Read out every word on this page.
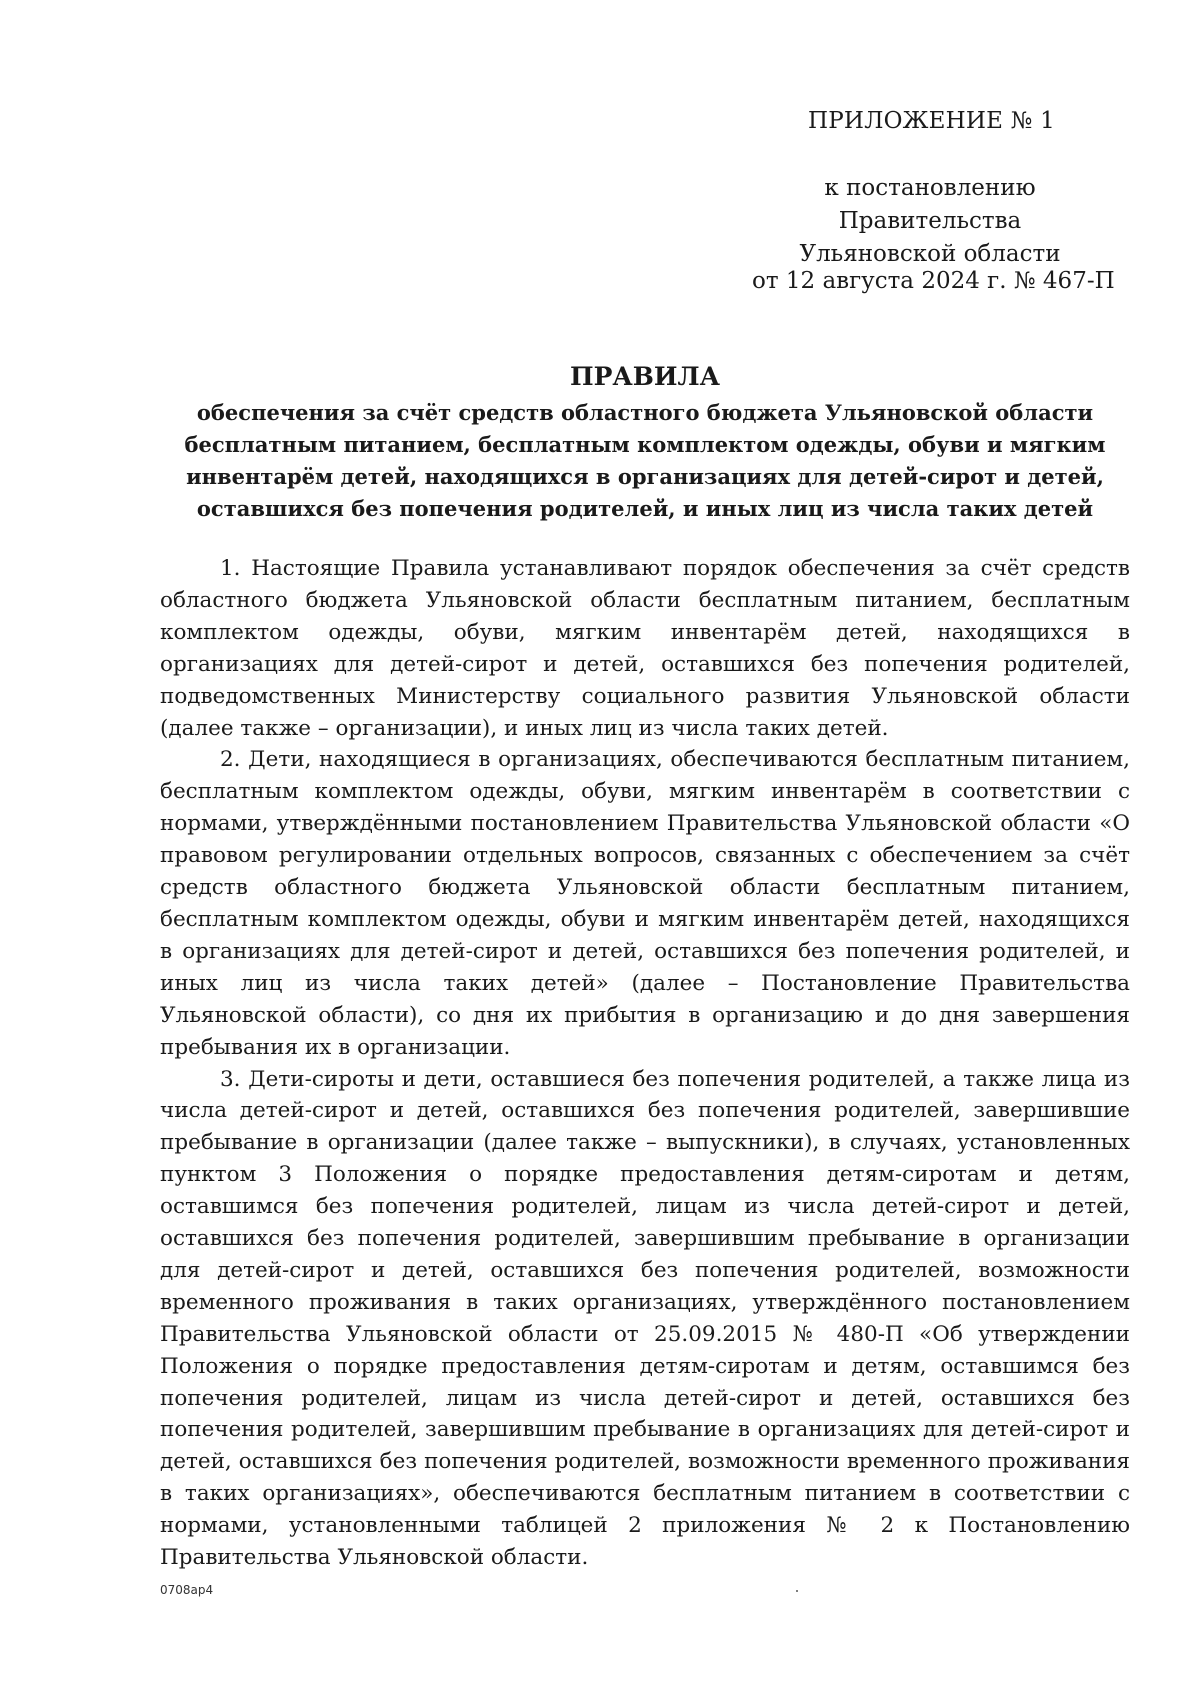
ПРИЛОЖЕНИЕ № 1
к постановлению Правительства
Ульяновской области
от 12 августа 2024 г. № 467-П
ПРАВИЛА
обеспечения за счёт средств областного бюджета Ульяновской области бесплатным питанием, бесплатным комплектом одежды, обуви и мягким инвентарём детей, находящихся в организациях для детей-сирот и детей, оставшихся без попечения родителей, и иных лиц из числа таких детей

1. Настоящие Правила устанавливают порядок обеспечения за счёт средств областного бюджета Ульяновской области бесплатным питанием, бесплатным комплектом одежды, обуви, мягким инвентарём детей, находящихся в организациях для детей-сирот и детей, оставшихся без попечения родителей, подведомственных Министерству социального развития Ульяновской области (далее также – организации), и иных лиц из числа таких детей.

2. Дети, находящиеся в организациях, обеспечиваются бесплатным питанием, бесплатным комплектом одежды, обуви, мягким инвентарём в соответствии с нормами, утверждёнными постановлением Правительства Ульяновской области «О правовом регулировании отдельных вопросов, связанных с обеспечением за счёт средств областного бюджета Ульяновской области бесплатным питанием, бесплатным комплектом одежды, обуви и мягким инвентарём детей, находящихся в организациях для детей-сирот и детей, оставшихся без попечения родителей, и иных лиц из числа таких детей» (далее – Постановление Правительства Ульяновской области), со дня их прибытия в организацию и до дня завершения пребывания их в организации.

3. Дети-сироты и дети, оставшиеся без попечения родителей, а также лица из числа детей-сирот и детей, оставшихся без попечения родителей, завершившие пребывание в организации (далее также – выпускники), в случаях, установленных пунктом 3 Положения о порядке предоставления детям-сиротам и детям, оставшимся без попечения родителей, лицам из числа детей-сирот и детей, оставшихся без попечения родителей, завершившим пребывание в организации для детей-сирот и детей, оставшихся без попечения родителей, возможности временного проживания в таких организациях, утверждённого постановлением Правительства Ульяновской области от 25.09.2015 № 480-П «Об утверждении Положения о порядке предоставления детям-сиротам и детям, оставшимся без попечения родителей, лицам из числа детей-сирот и детей, оставшихся без попечения родителей, завершившим пребывание в организациях для детей-сирот и детей, оставшихся без попечения родителей, возможности временного проживания в таких организациях», обеспечиваются бесплатным питанием в соответствии с нормами, установленными таблицей 2 приложения № 2 к Постановлению Правительства Ульяновской области.

0708ap4
